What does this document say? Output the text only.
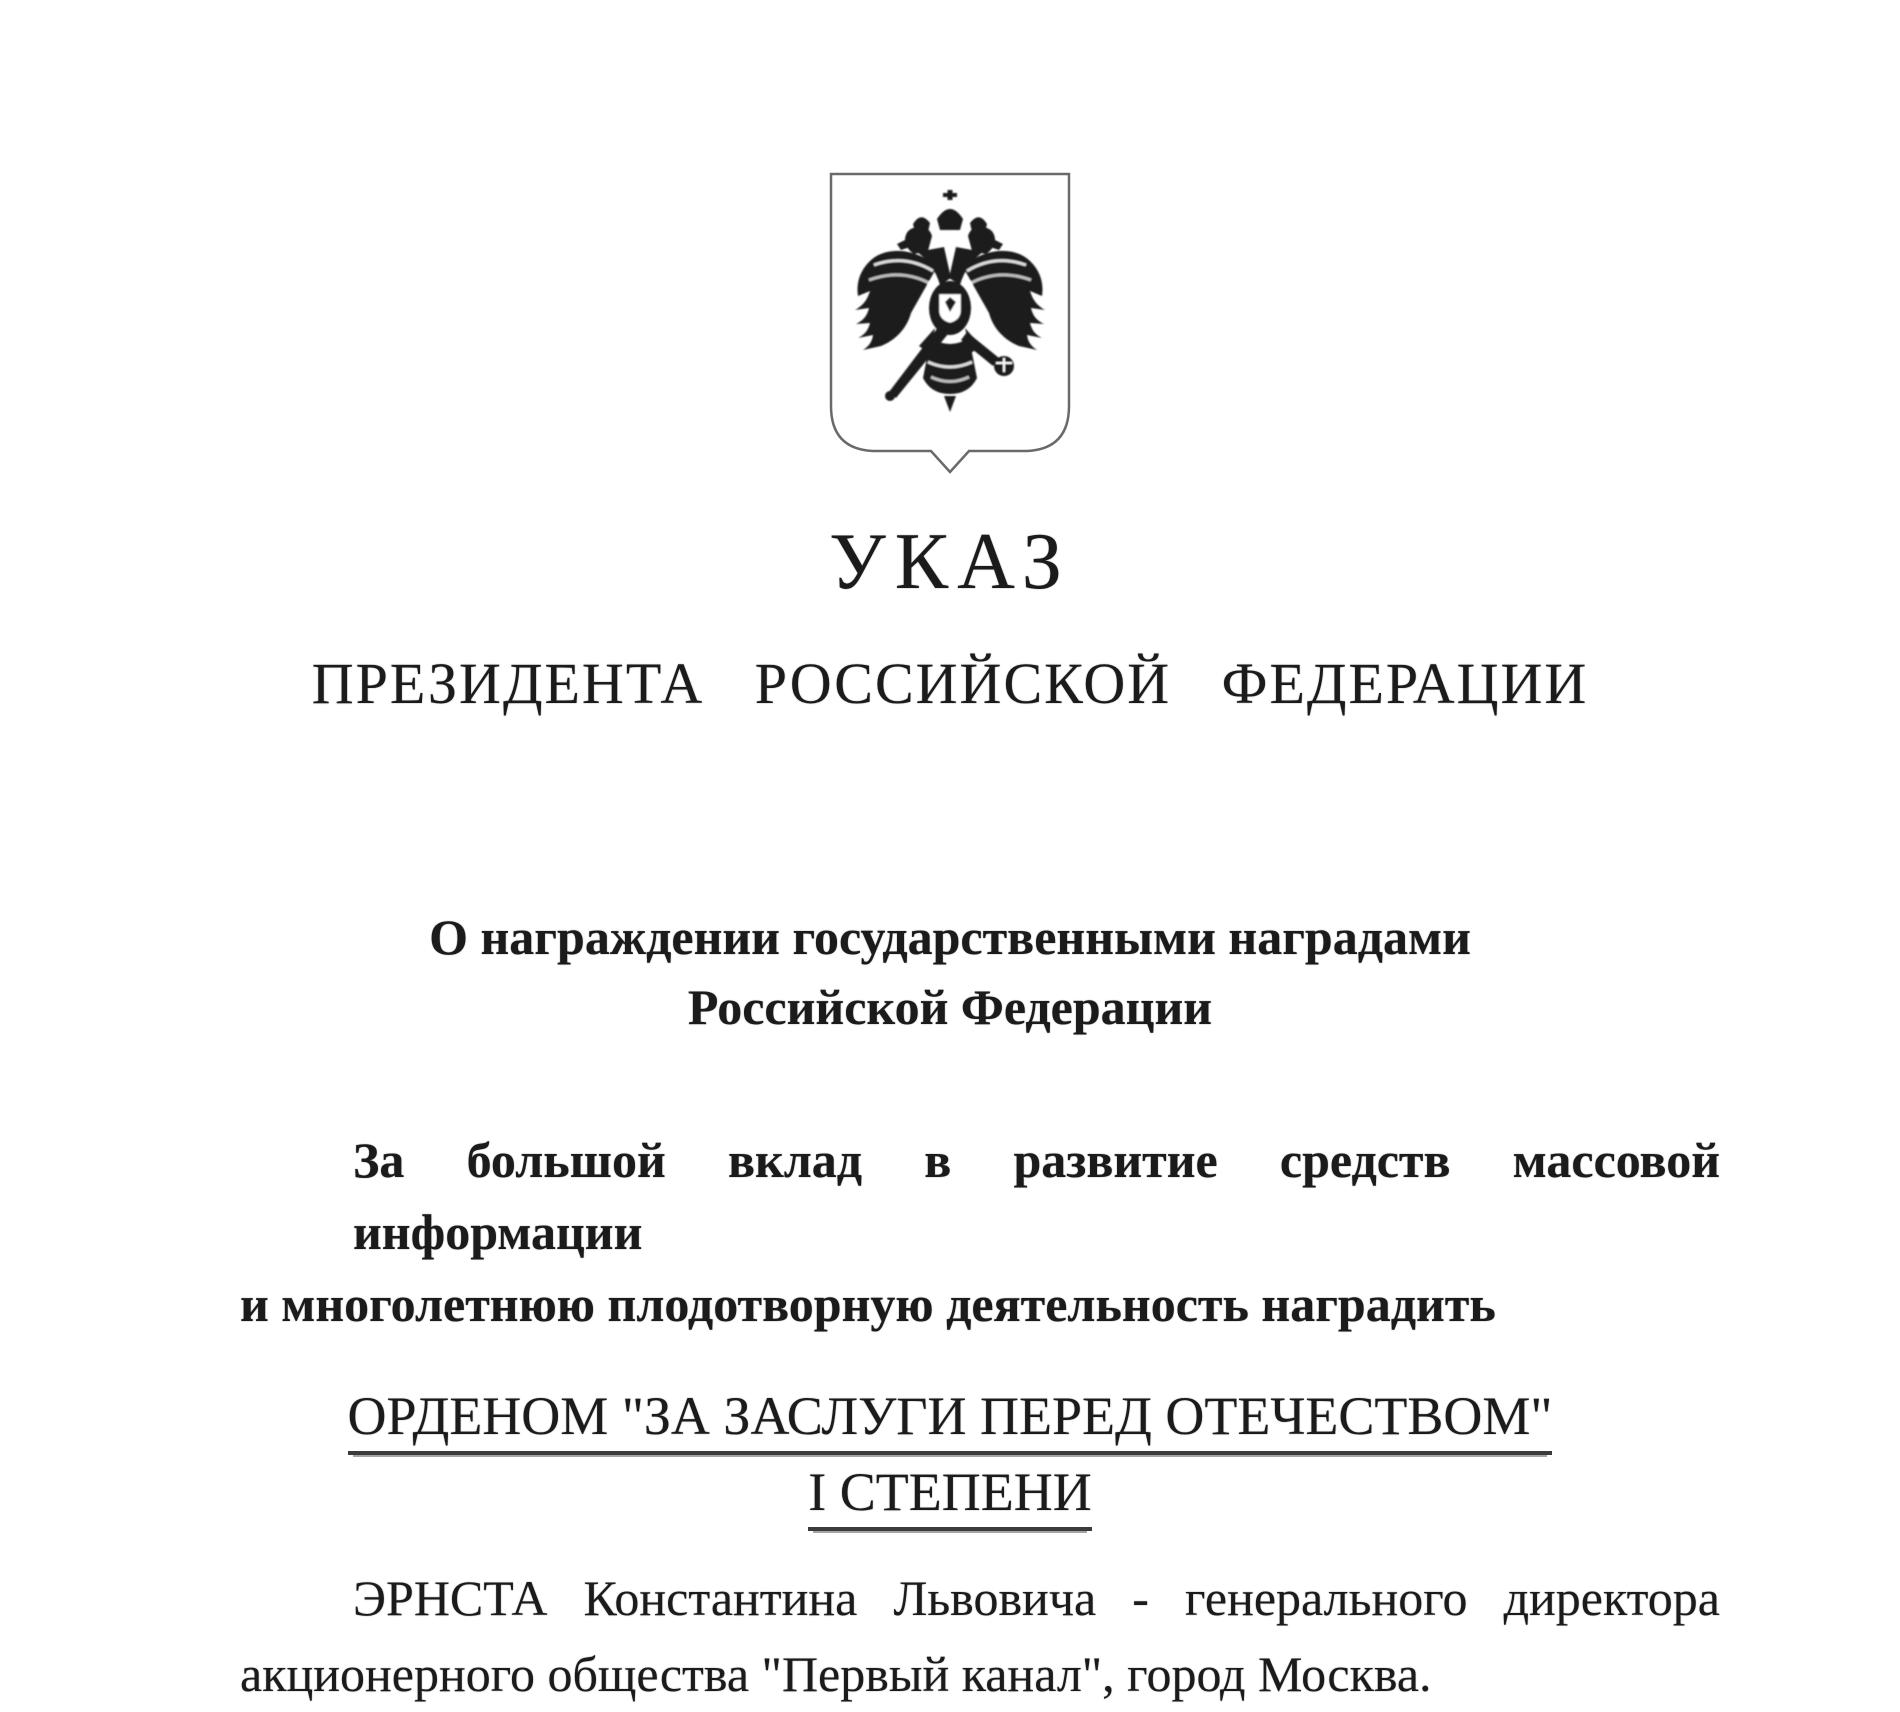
УКАЗ
ПРЕЗИДЕНТА РОССИЙСКОЙ ФЕДЕРАЦИИ

О награждении государственными наградами
Российской Федерации

За большой вклад в развитие средств массовой информации
и многолетнюю плодотворную деятельность наградить

ОРДЕНОМ "ЗА ЗАСЛУГИ ПЕРЕД ОТЕЧЕСТВОМ"
I СТЕПЕНИ

ЭРНСТА Константина Львовича - генерального директора
акционерного общества "Первый канал", город Москва.
